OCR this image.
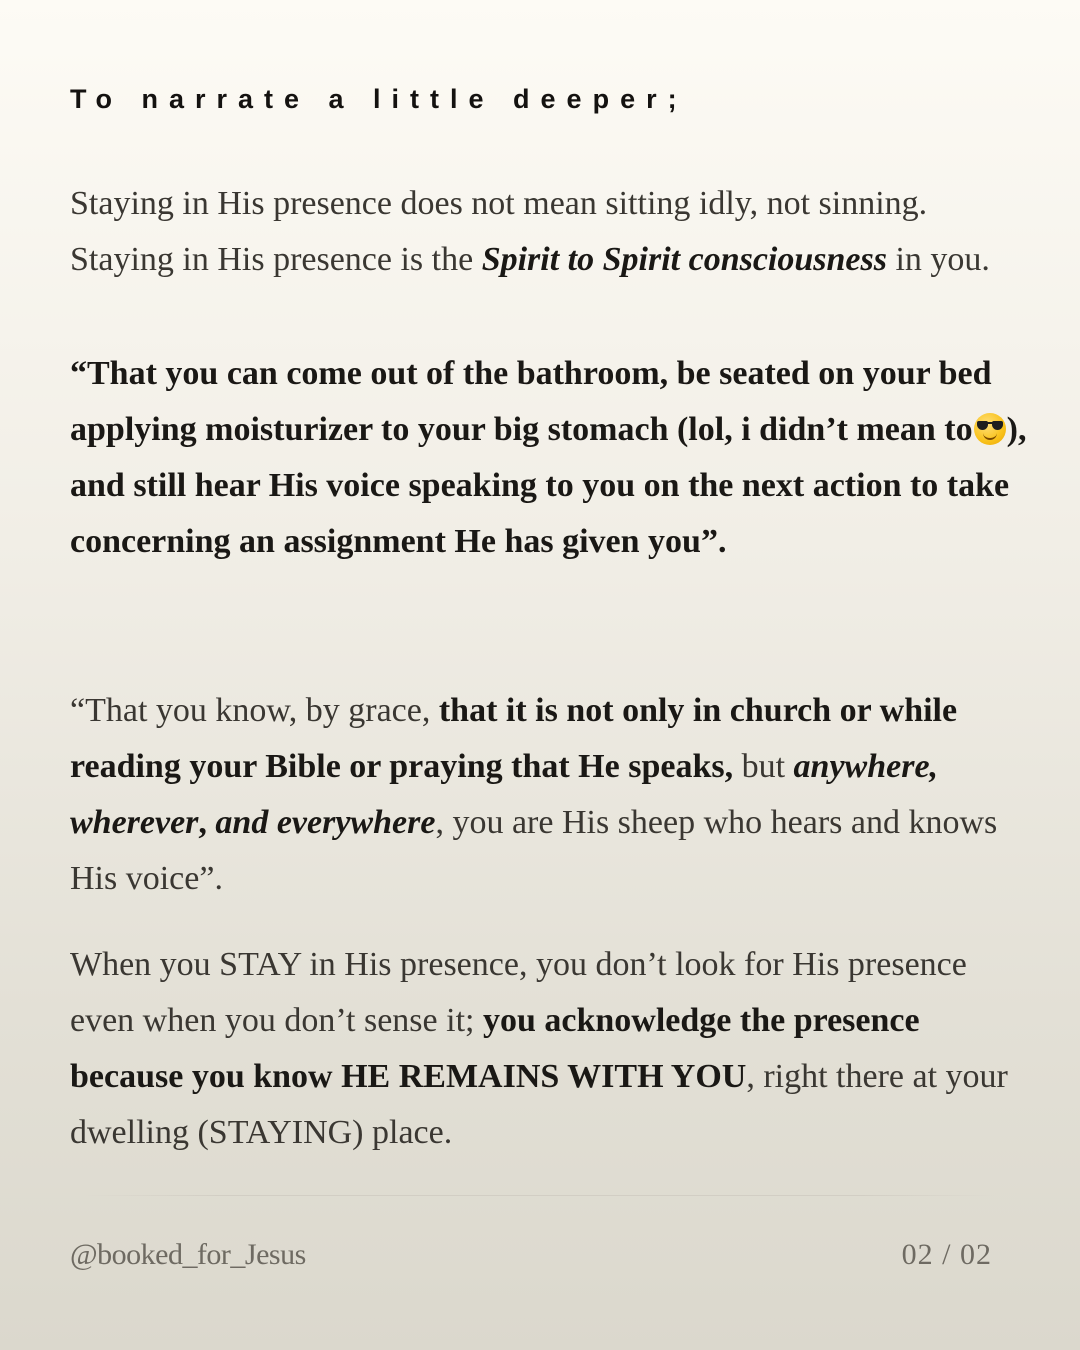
To narrate a little deeper;
Staying in His presence does not mean sitting idly, not sinning.
Staying in His presence is the Spirit to Spirit consciousness in you.
“That you can come out of the bathroom, be seated on your bed applying moisturizer to your big stomach (lol, i didn’t mean to ), and still hear His voice speaking to you on the next action to take concerning an assignment He has given you”.
“That you know, by grace, that it is not only in church or while reading your Bible or praying that He speaks, but anywhere, wherever, and everywhere, you are His sheep who hears and knows His voice”.
When you STAY in His presence, you don’t look for His presence even when you don’t sense it; you acknowledge the presence because you know HE REMAINS WITH YOU, right there at your dwelling (STAYING) place.
@booked_for_Jesus	02 / 02
